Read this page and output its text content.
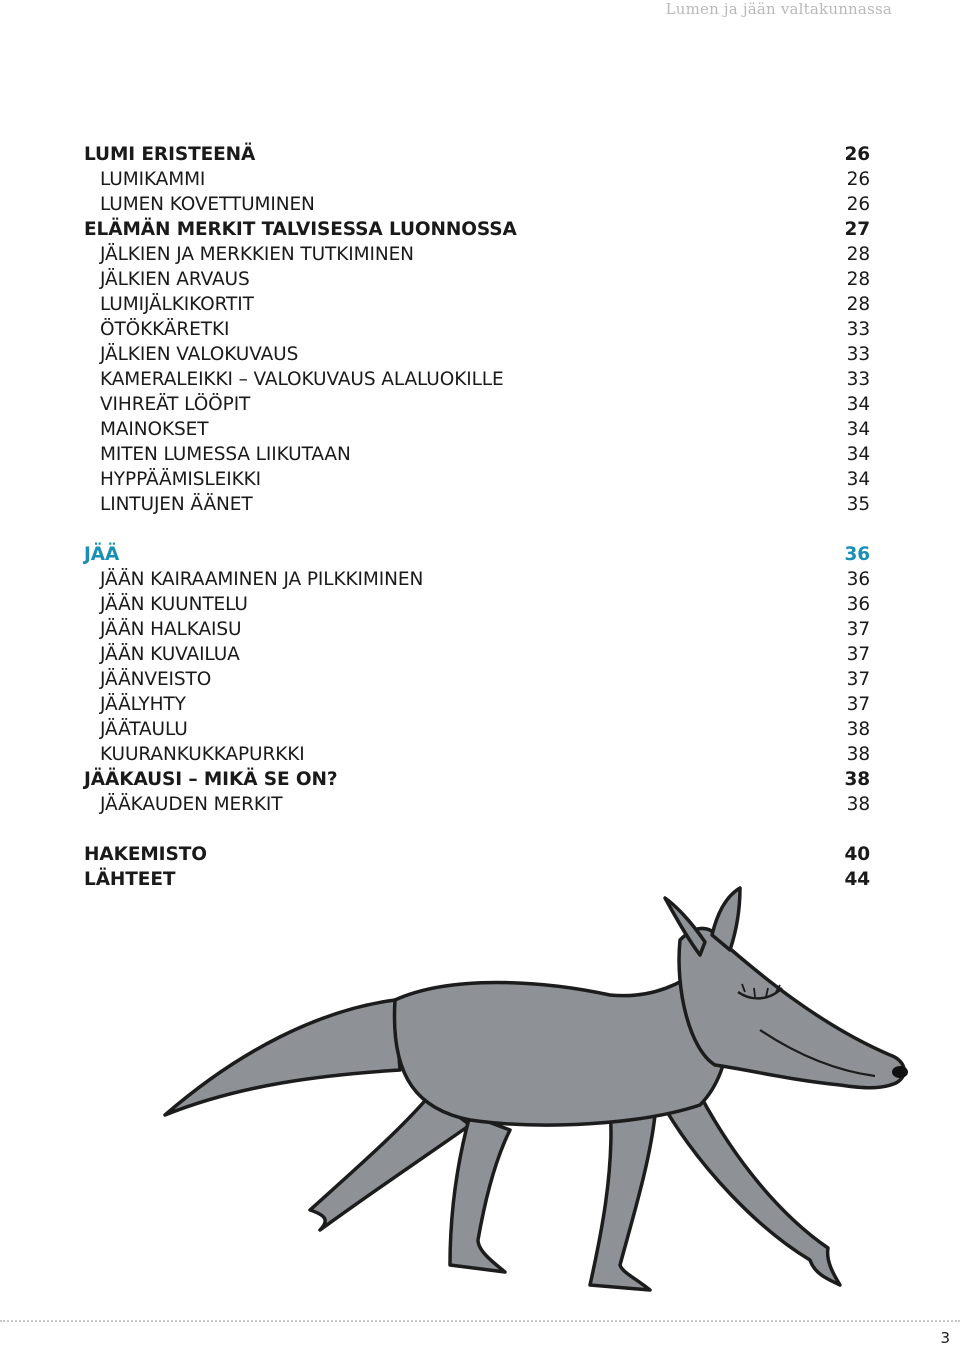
Lumen ja jään valtakunnassa
LUMI ERISTEENÄ	26
LUMIKAMMI	26
LUMEN KOVETTUMINEN	26
ELÄMÄN MERKIT TALVISESSA LUONNOSSA	27
JÄLKIEN JA MERKKIEN TUTKIMINEN	28
JÄLKIEN ARVAUS	28
LUMIJÄLKIKORTIT	28
ÖTÖKKÄRETKI	33
JÄLKIEN VALOKUVAUS	33
KAMERALEIKKI – VALOKUVAUS ALALUOKILLE	33
VIHREÄT LÖÖPIT	34
MAINOKSET	34
MITEN LUMESSA LIIKUTAAN	34
HYPPÄÄMISLEIKKI	34
LINTUJEN ÄÄNET	35
JÄÄ	36
JÄÄN KAIRAAMINEN JA PILKKIMINEN	36
JÄÄN KUUNTELU	36
JÄÄN HALKAISU	37
JÄÄN KUVAILUA	37
JÄÄNVEISTO	37
JÄÄLYHTY	37
JÄÄTAULU	38
KUURANKUKKAPURKKI	38
JÄÄKAUSI – MIKÄ SE ON?	38
JÄÄKAUDEN MERKIT	38
HAKEMISTO	40
LÄHTEET	44
3
